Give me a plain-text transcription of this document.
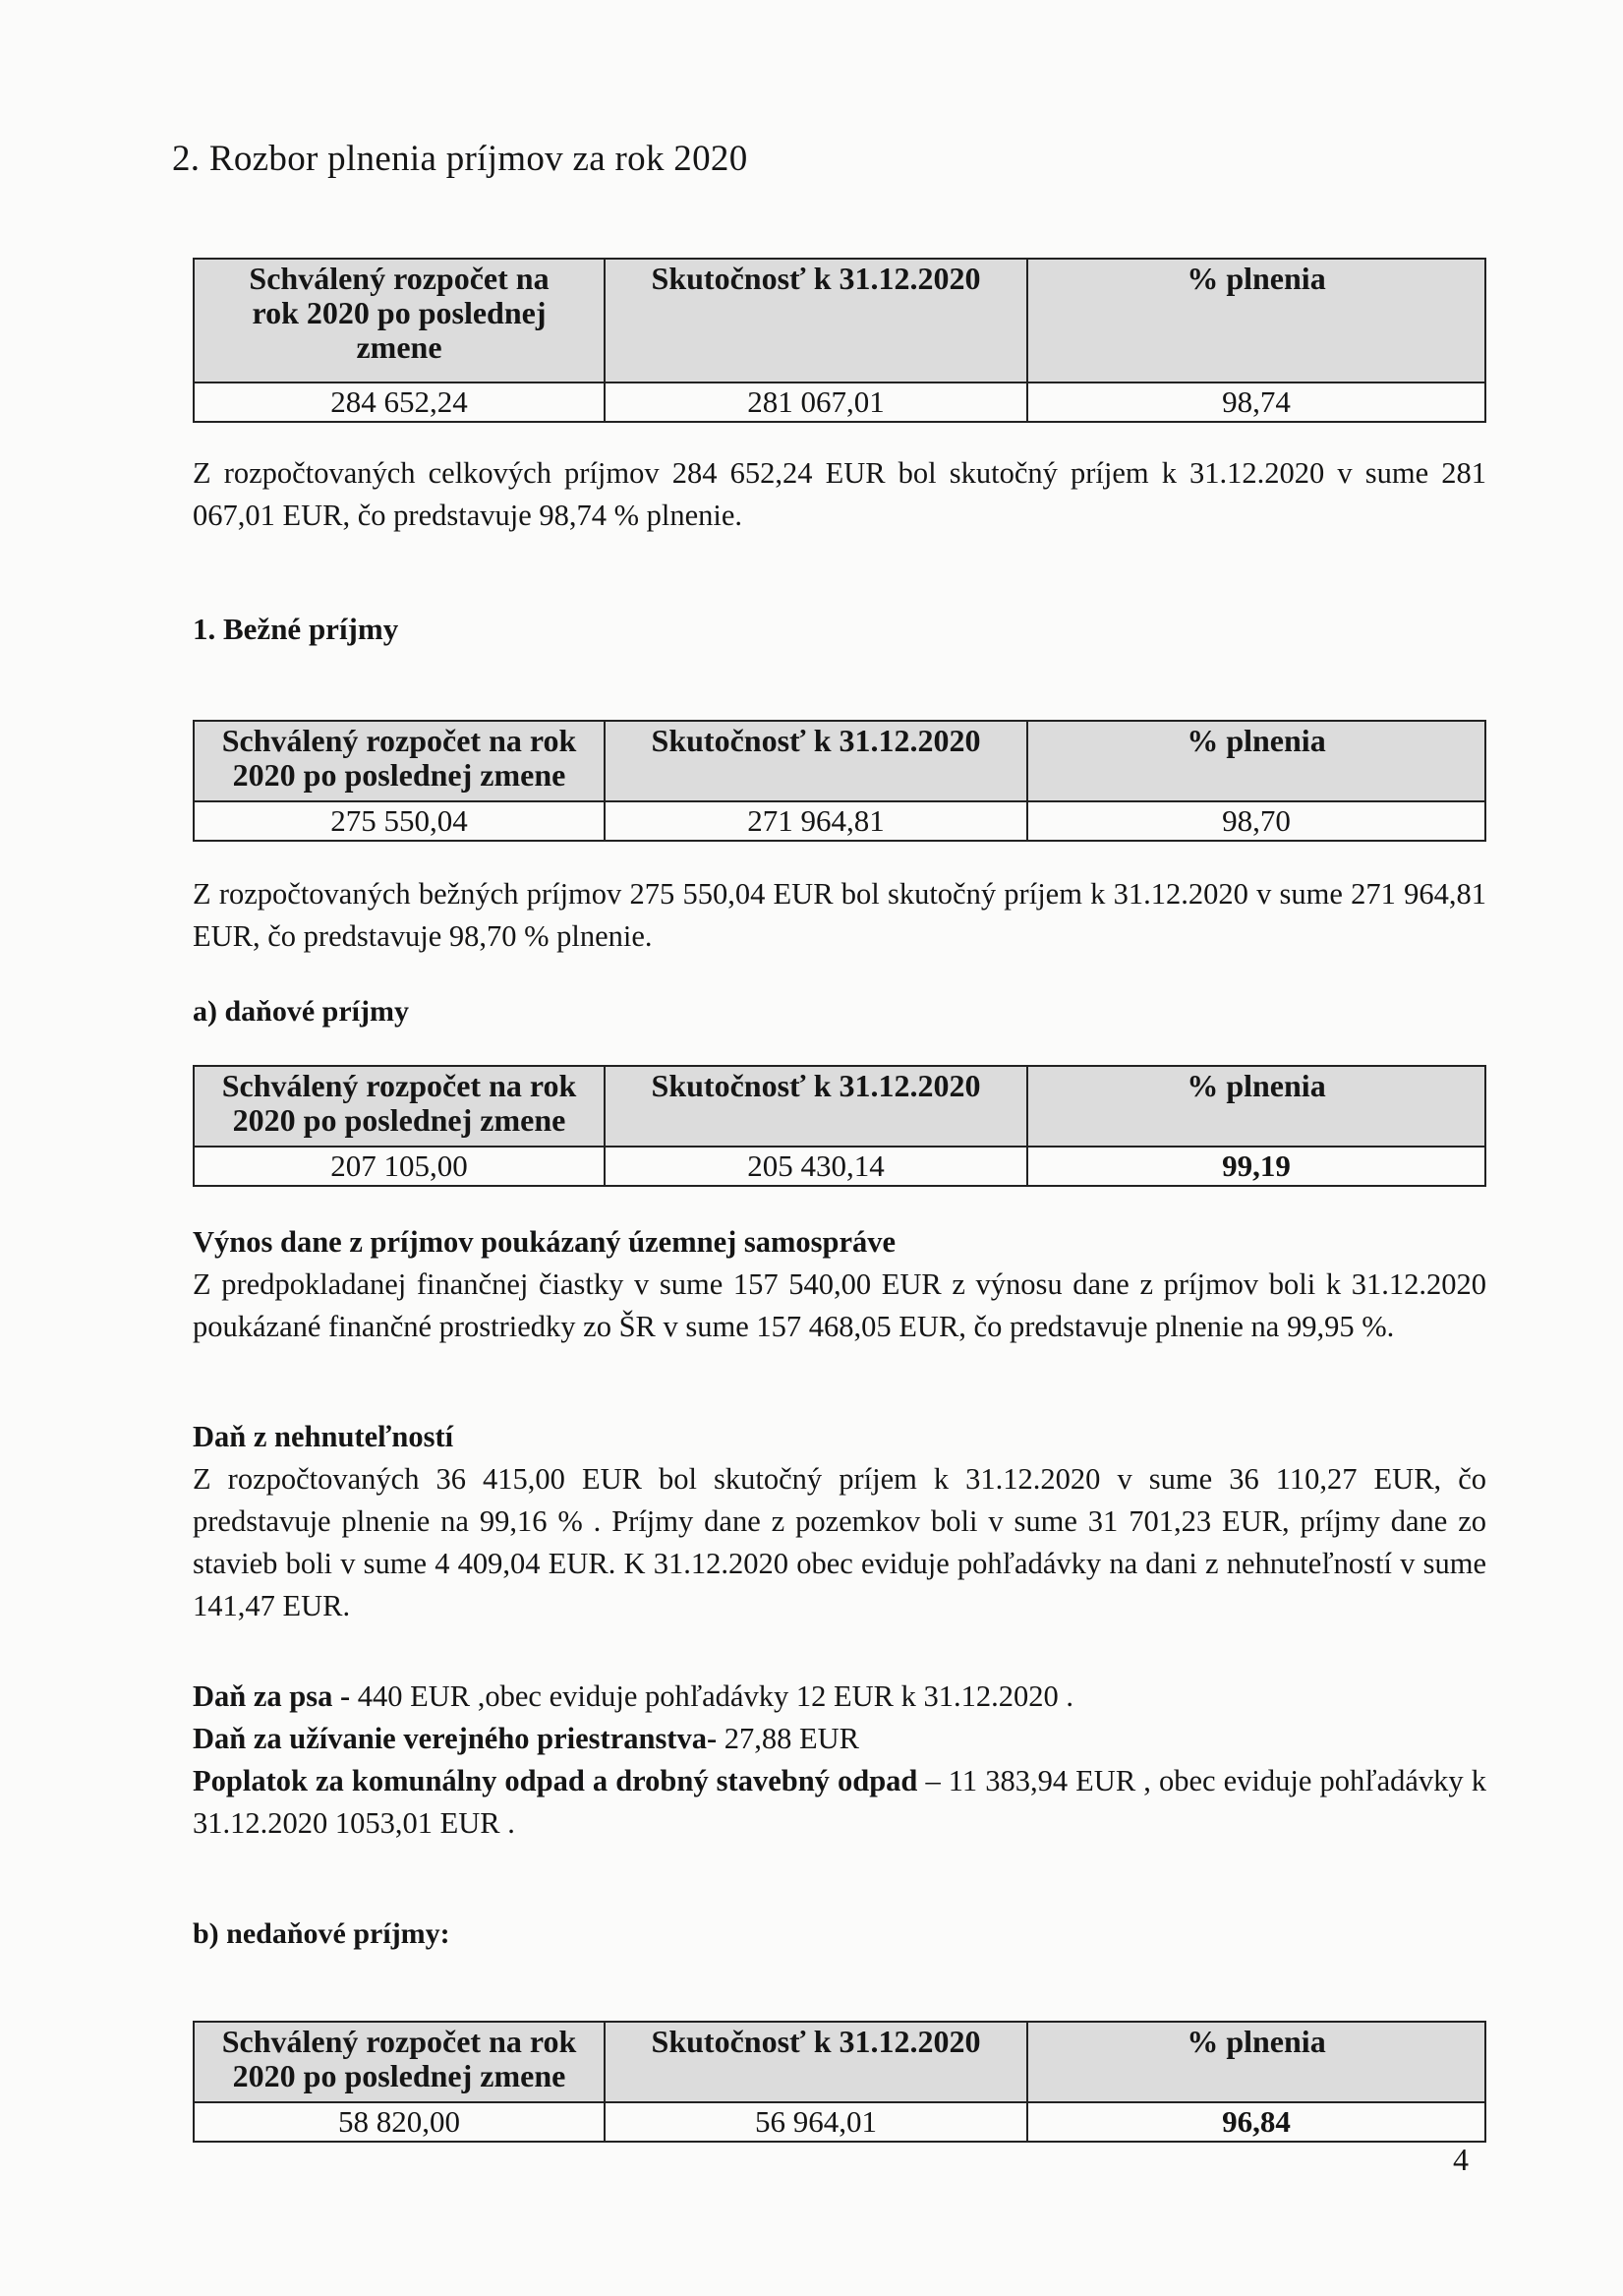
2. Rozbor plnenia príjmov za rok 2020
Schválený rozpočet na rok 2020 po poslednej zmene	Skutočnosť k 31.12.2020	% plnenia
284 652,24	281 067,01	98,74

Z rozpočtovaných celkových príjmov 284 652,24 EUR bol skutočný príjem k 31.12.2020 v sume 281 067,01 EUR, čo predstavuje 98,74 % plnenie.

1. Bežné príjmy
Schválený rozpočet na rok 2020 po poslednej zmene	Skutočnosť k 31.12.2020	% plnenia
275 550,04	271 964,81	98,70

Z rozpočtovaných bežných príjmov 275 550,04 EUR bol skutočný príjem k 31.12.2020 v sume 271 964,81 EUR, čo predstavuje 98,70 % plnenie.

a) daňové príjmy
Schválený rozpočet na rok 2020 po poslednej zmene	Skutočnosť k 31.12.2020	% plnenia
207 105,00	205 430,14	99,19
Výnos dane z príjmov poukázaný územnej samospráve
Z predpokladanej finančnej čiastky v sume 157 540,00 EUR z výnosu dane z príjmov boli k 31.12.2020 poukázané finančné prostriedky zo ŠR v sume 157 468,05 EUR, čo predstavuje plnenie na 99,95 %.
Daň z nehnuteľností
Z rozpočtovaných 36 415,00 EUR bol skutočný príjem k 31.12.2020 v sume 36 110,27 EUR, čo predstavuje plnenie na 99,16 % . Príjmy dane z pozemkov boli v sume 31 701,23 EUR, príjmy dane zo stavieb boli v sume 4 409,04 EUR. K 31.12.2020 obec eviduje pohľadávky na dani z nehnuteľností v sume 141,47 EUR.
Daň za psa - 440 EUR ,obec eviduje pohľadávky 12 EUR k 31.12.2020 .
Daň za užívanie verejného priestranstva- 27,88 EUR
Poplatok za komunálny odpad a drobný stavebný odpad – 11 383,94 EUR , obec eviduje pohľadávky k 31.12.2020 1053,01 EUR .
b) nedaňové príjmy:
Schválený rozpočet na rok 2020 po poslednej zmene	Skutočnosť k 31.12.2020	% plnenia
58 820,00	56 964,01	96,84
4
